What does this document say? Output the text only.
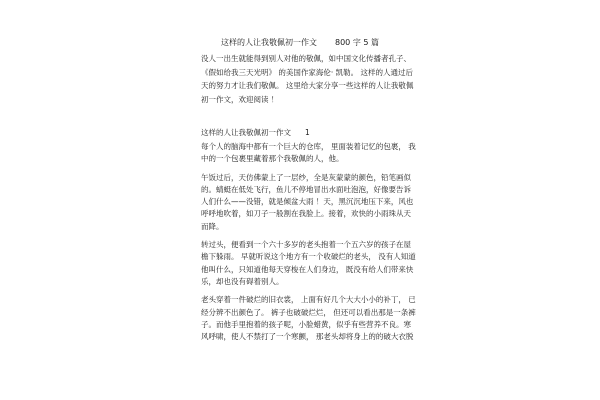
这样的人让我敬佩初一作文 800 字 5 篇
没人一出生就能得到别人对他的敬佩，如中国文化传播者孔子、
《假如给我三天光明》 的美国作家海伦· 凯勒。 这样的人通过后
天的努力才让我们敬佩。 这里给大家分享一些这样的人让我敬佩
初一作文，欢迎阅读 ！
这样的人让我敬佩初一作文 1
每个人的脑海中都有一个巨大的仓库， 里面装着记忆的包裹， 我
中的一个包裹里藏着那个我敬佩的人，他。
午饭过后，天仿佛蒙上了一层纱，全是灰蒙蒙的颜色，铅笔画似
的。蜻蜓在低处飞行，鱼儿不停地冒出水面吐泡泡，好像要告诉
人们什么——没错，就是倾盆大雨 ！天，黑沉沉地压下来，风也
呼呼地吹着，如刀子一般割在我脸上。接着，欢快的小雨珠从天
而降。
转过头，便看到一个六十多岁的老头抱着一个五六岁的孩子在屋
檐下躲雨。 早就听说这个地方有一个收破烂的老头， 没有人知道
他叫什么，只知道他每天穿梭在人们身边， 既没有给人们带来快
乐，却也没有碍着别人。
老头穿着一件破烂的旧衣裳， 上面有好几个大大小小的补丁， 已
经分辨不出颜色了。 裤子也破破烂烂， 但还可以看出那是一条裤
子。而他手里抱着的孩子呢，小脸蜡黄，似乎有些营养不良。寒
风呼啸，使人不禁打了一个寒颤， 那老头却将身上的的破大衣脱
